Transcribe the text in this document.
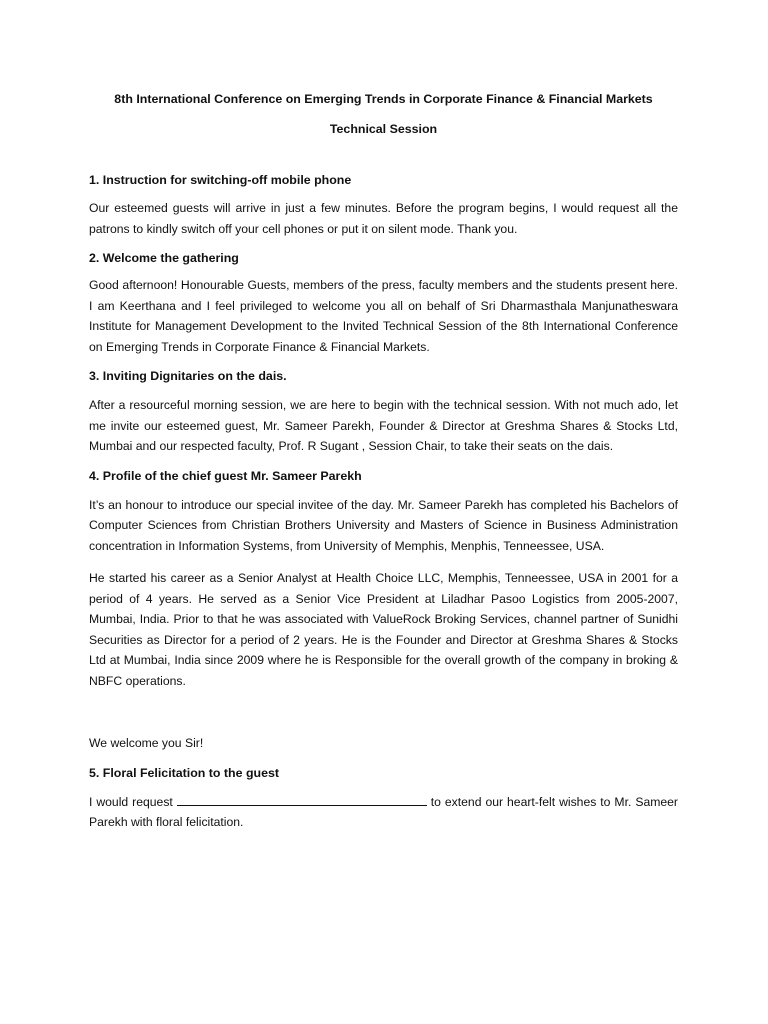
8th International Conference on Emerging Trends in Corporate Finance & Financial Markets

Technical Session

1. Instruction for switching-off mobile phone

Our esteemed guests will arrive in just a few minutes. Before the program begins, I would request all the patrons to kindly switch off your cell phones or put it on silent mode. Thank you.

2. Welcome the gathering

Good afternoon! Honourable Guests, members of the press, faculty members and the students present here. I am Keerthana and I feel privileged to welcome you all on behalf of Sri Dharmasthala Manjunatheswara Institute for Management Development to the Invited Technical Session of the 8th International Conference on Emerging Trends in Corporate Finance & Financial Markets.

3. Inviting Dignitaries on the dais.

After a resourceful morning session, we are here to begin with the technical session. With not much ado, let me invite our esteemed guest, Mr. Sameer Parekh, Founder & Director at Greshma Shares & Stocks Ltd, Mumbai and our respected faculty, Prof. R Sugant , Session Chair, to take their seats on the dais.

4. Profile of the chief guest Mr. Sameer Parekh

It’s an honour to introduce our special invitee of the day. Mr. Sameer Parekh has completed his Bachelors of Computer Sciences from Christian Brothers University and Masters of Science in Business Administration concentration in Information Systems, from University of Memphis, Menphis, Tenneessee, USA.

He started his career as a Senior Analyst at Health Choice LLC, Memphis, Tenneessee, USA in 2001 for a period of 4 years. He served as a Senior Vice President at Liladhar Pasoo Logistics from 2005-2007, Mumbai, India. Prior to that he was associated with ValueRock Broking Services, channel partner of Sunidhi Securities as Director for a period of 2 years. He is the Founder and Director at Greshma Shares & Stocks Ltd at Mumbai, India since 2009 where he is Responsible for the overall growth of the company in broking & NBFC operations.

We welcome you Sir!

5. Floral Felicitation to the guest

I would request	to extend our heart-felt wishes to Mr. Sameer Parekh with floral felicitation.
